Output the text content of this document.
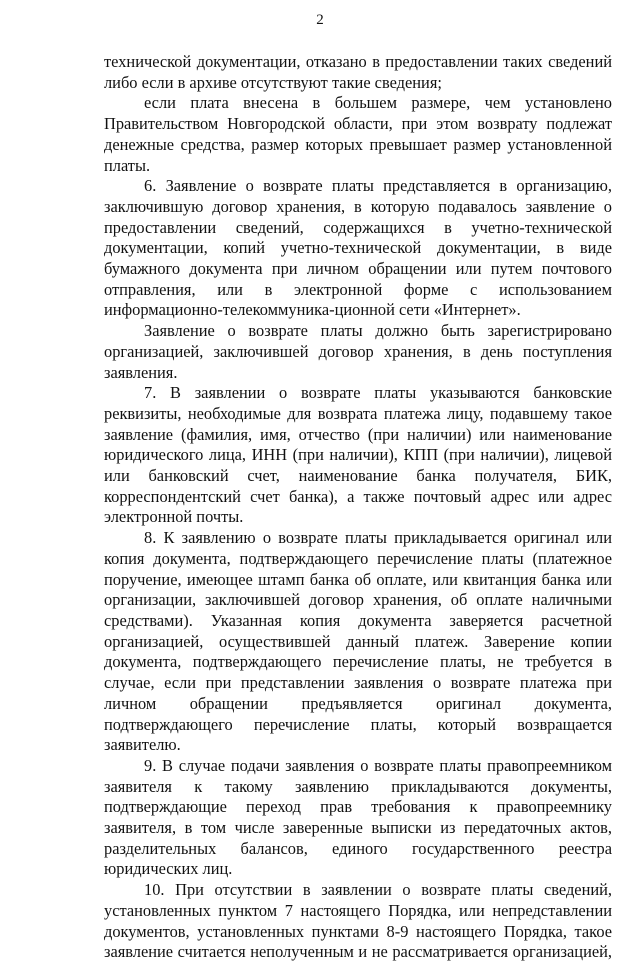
2

технической документации, отказано в предоставлении таких сведений либо если в архиве отсутствуют такие сведения;

если плата внесена в большем размере, чем установлено Правительством Новгородской области, при этом возврату подлежат денежные средства, размер которых превышает размер установленной платы.

6. Заявление о возврате платы представляется в организацию, заключившую договор хранения, в которую подавалось заявление о предоставлении сведений, содержащихся в учетно-технической документации, копий учетно-технической документации, в виде бумажного документа при личном обращении или путем почтового отправления, или в электронной форме с использованием информационно-телекоммуника-ционной сети «Интернет».

Заявление о возврате платы должно быть зарегистрировано организацией, заключившей договор хранения, в день поступления заявления.

7. В заявлении о возврате платы указываются банковские реквизиты, необходимые для возврата платежа лицу, подавшему такое заявление (фамилия, имя, отчество (при наличии) или наименование юридического лица, ИНН (при наличии), КПП (при наличии), лицевой или банковский счет, наименование банка получателя, БИК, корреспондентский счет банка), а также почтовый адрес или адрес электронной почты.

8. К заявлению о возврате платы прикладывается оригинал или копия документа, подтверждающего перечисление платы (платежное поручение, имеющее штамп банка об оплате, или квитанция банка или организации, заключившей договор хранения, об оплате наличными средствами). Указанная копия документа заверяется расчетной организацией, осуществившей данный платеж. Заверение копии документа, подтверждающего перечисление платы, не требуется в случае, если при представлении заявления о возврате платежа при личном обращении предъявляется оригинал документа, подтверждающего перечисление платы, который возвращается заявителю.

9. В случае подачи заявления о возврате платы правопреемником заявителя к такому заявлению прикладываются документы, подтверждающие переход прав требования к правопреемнику заявителя, в том числе заверенные выписки из передаточных актов, разделительных балансов, единого государственного реестра юридических лиц.

10. При отсутствии в заявлении о возврате платы сведений, установленных пунктом 7 настоящего Порядка, или непредставлении документов, установленных пунктами 8-9 настоящего Порядка, такое заявление считается неполученным и не рассматривается организацией,
